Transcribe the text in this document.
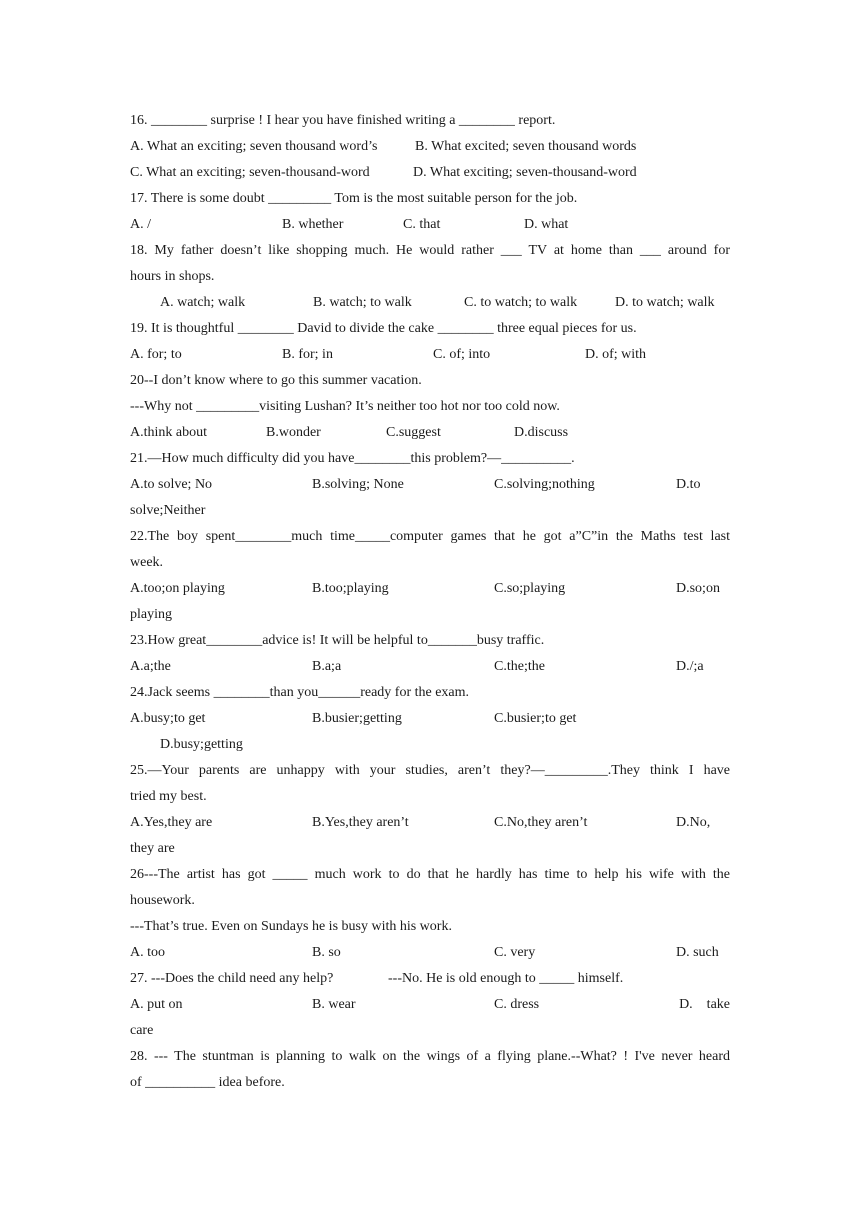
16. ________ surprise ! I hear you have finished writing a ________ report.
A. What an exciting; seven thousand word’s	B. What excited; seven thousand words
C. What an exciting; seven-thousand-word	D. What exciting; seven-thousand-word
17. There is some doubt _________ Tom is the most suitable person for the job.
A. /	B. whether	C. that	D. what
18. My father doesn’t like shopping much. He would rather ___ TV at home than ___ around for
hours in shops.
A. watch; walk	B. watch; to walk	C. to watch; to walk	D. to watch; walk
19. It is thoughtful ________ David to divide the cake ________ three equal pieces for us.
A. for; to	B. for; in	C. of; into	D. of; with
20--I don’t know where to go this summer vacation.
---Why not _________visiting Lushan? It’s neither too hot nor too cold now.
A.think about	B.wonder	C.suggest	D.discuss
21.—How much difficulty did you have________this problem?—__________.
A.to solve; No	B.solving; None	C.solving;nothing	D.to
solve;Neither
22.The boy spent________much time_____computer games that he got a”C”in the Maths test last
week.
A.too;on playing	B.too;playing	C.so;playing	D.so;on
playing
23.How great________advice is! It will be helpful to_______busy traffic.
A.a;the	B.a;a	C.the;the	D./;a
24.Jack seems ________than you______ready for the exam.
A.busy;to get	B.busier;getting	C.busier;to get
D.busy;getting
25.—Your parents are unhappy with your studies, aren’t they?—_________.They think I have
tried my best.
A.Yes,they are	B.Yes,they aren’t	C.No,they aren’t	D.No,
they are
26---The artist has got _____ much work to do that he hardly has time to help his wife with the
housework.
---That’s true. Even on Sundays he is busy with his work.
A. too	B. so	C. very	D. such
27. ---Does the child need any help?	---No. He is old enough to _____ himself.
A. put on	B. wear	C. dress	D.    take
care
28. --- The stuntman is planning to walk on the wings of a flying plane.--What? ! I've never heard
of __________ idea before.
